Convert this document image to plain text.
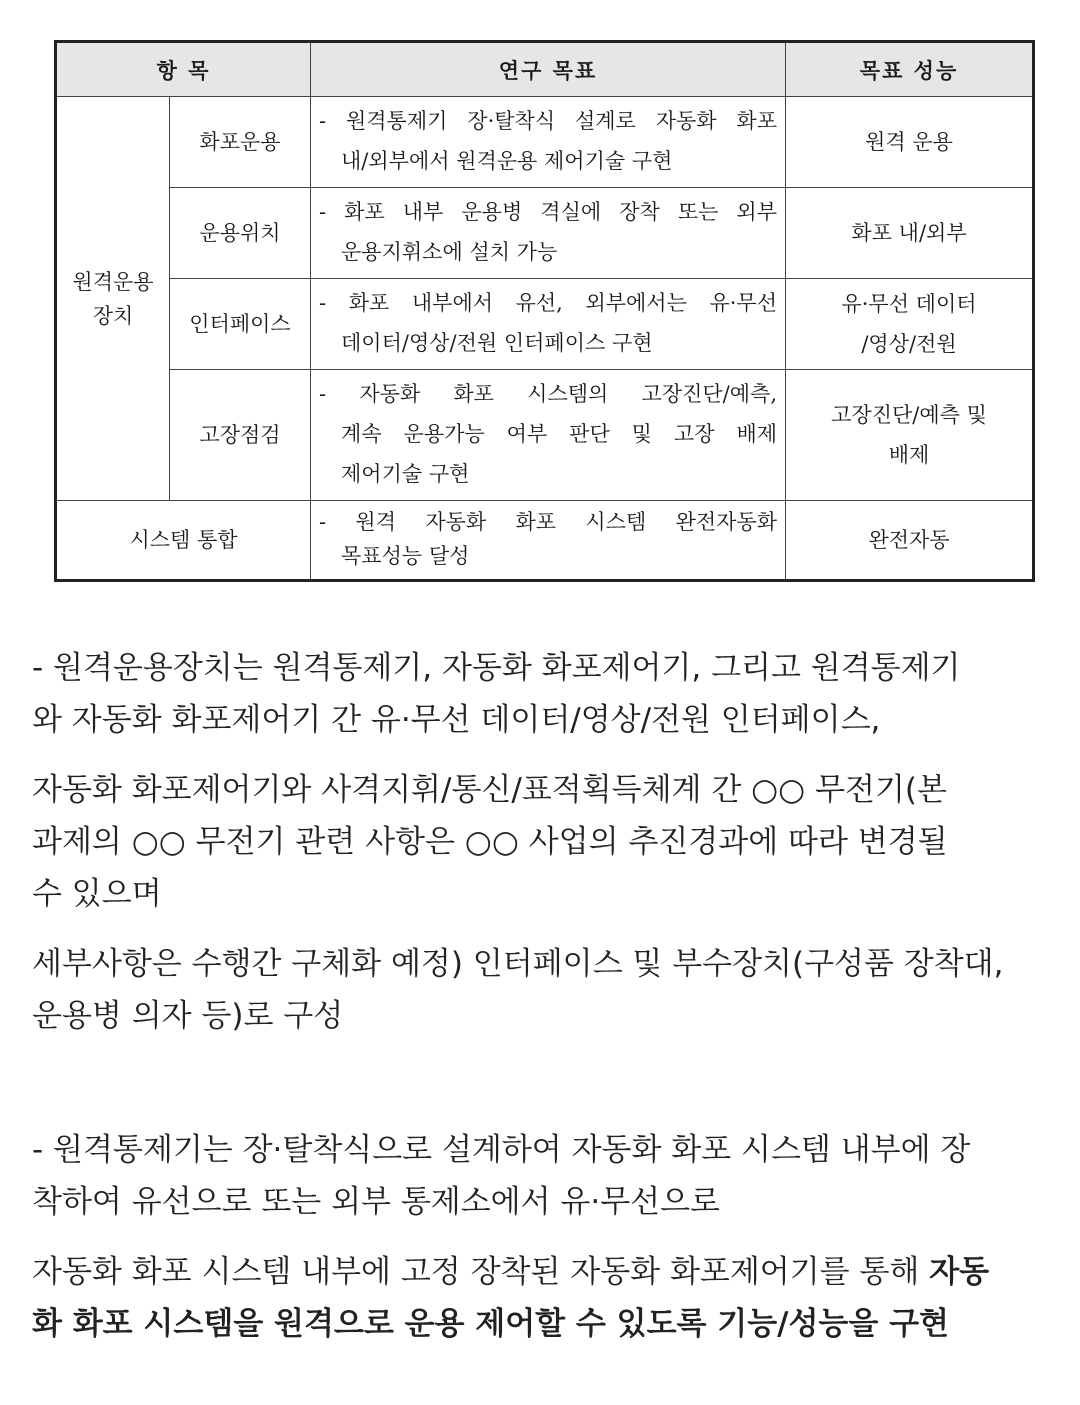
항 목		연구 목표	목표 성능

원격운용
장치	화포운용	- 원격통제기 장·탈착식 설계로 자동화 화포
내/외부에서 원격운용 제어기술 구현	원격 운용

	운용위치	- 화포 내부 운용병 격실에 장착 또는 외부
운용지휘소에 설치 가능	화포 내/외부

	인터페이스	- 화포 내부에서 유선, 외부에서는 유·무선
데이터/영상/전원 인터페이스 구현	유·무선 데이터
/영상/전원

	고장점검	- 자동화 화포 시스템의 고장진단/예측,
계속 운용가능 여부 판단 및 고장 배제
제어기술 구현	고장진단/예측 및
배제

시스템 통합		- 원격 자동화 화포 시스템 완전자동화
목표성능 달성	완전자동

- 원격운용장치는 원격통제기, 자동화 화포제어기, 그리고 원격통제기
와 자동화 화포제어기 간 유·무선 데이터/영상/전원 인터페이스,

자동화 화포제어기와 사격지휘/통신/표적획득체계 간 ○○ 무전기(본
과제의 ○○ 무전기 관련 사항은 ○○ 사업의 추진경과에 따라 변경될
수 있으며

세부사항은 수행간 구체화 예정) 인터페이스 및 부수장치(구성품 장착대,
운용병 의자 등)로 구성

- 원격통제기는 장·탈착식으로 설계하여 자동화 화포 시스템 내부에 장
착하여 유선으로 또는 외부 통제소에서 유·무선으로

자동화 화포 시스템 내부에 고정 장착된 자동화 화포제어기를 통해 자동
화 화포 시스템을 원격으로 운용 제어할 수 있도록 기능/성능을 구현
